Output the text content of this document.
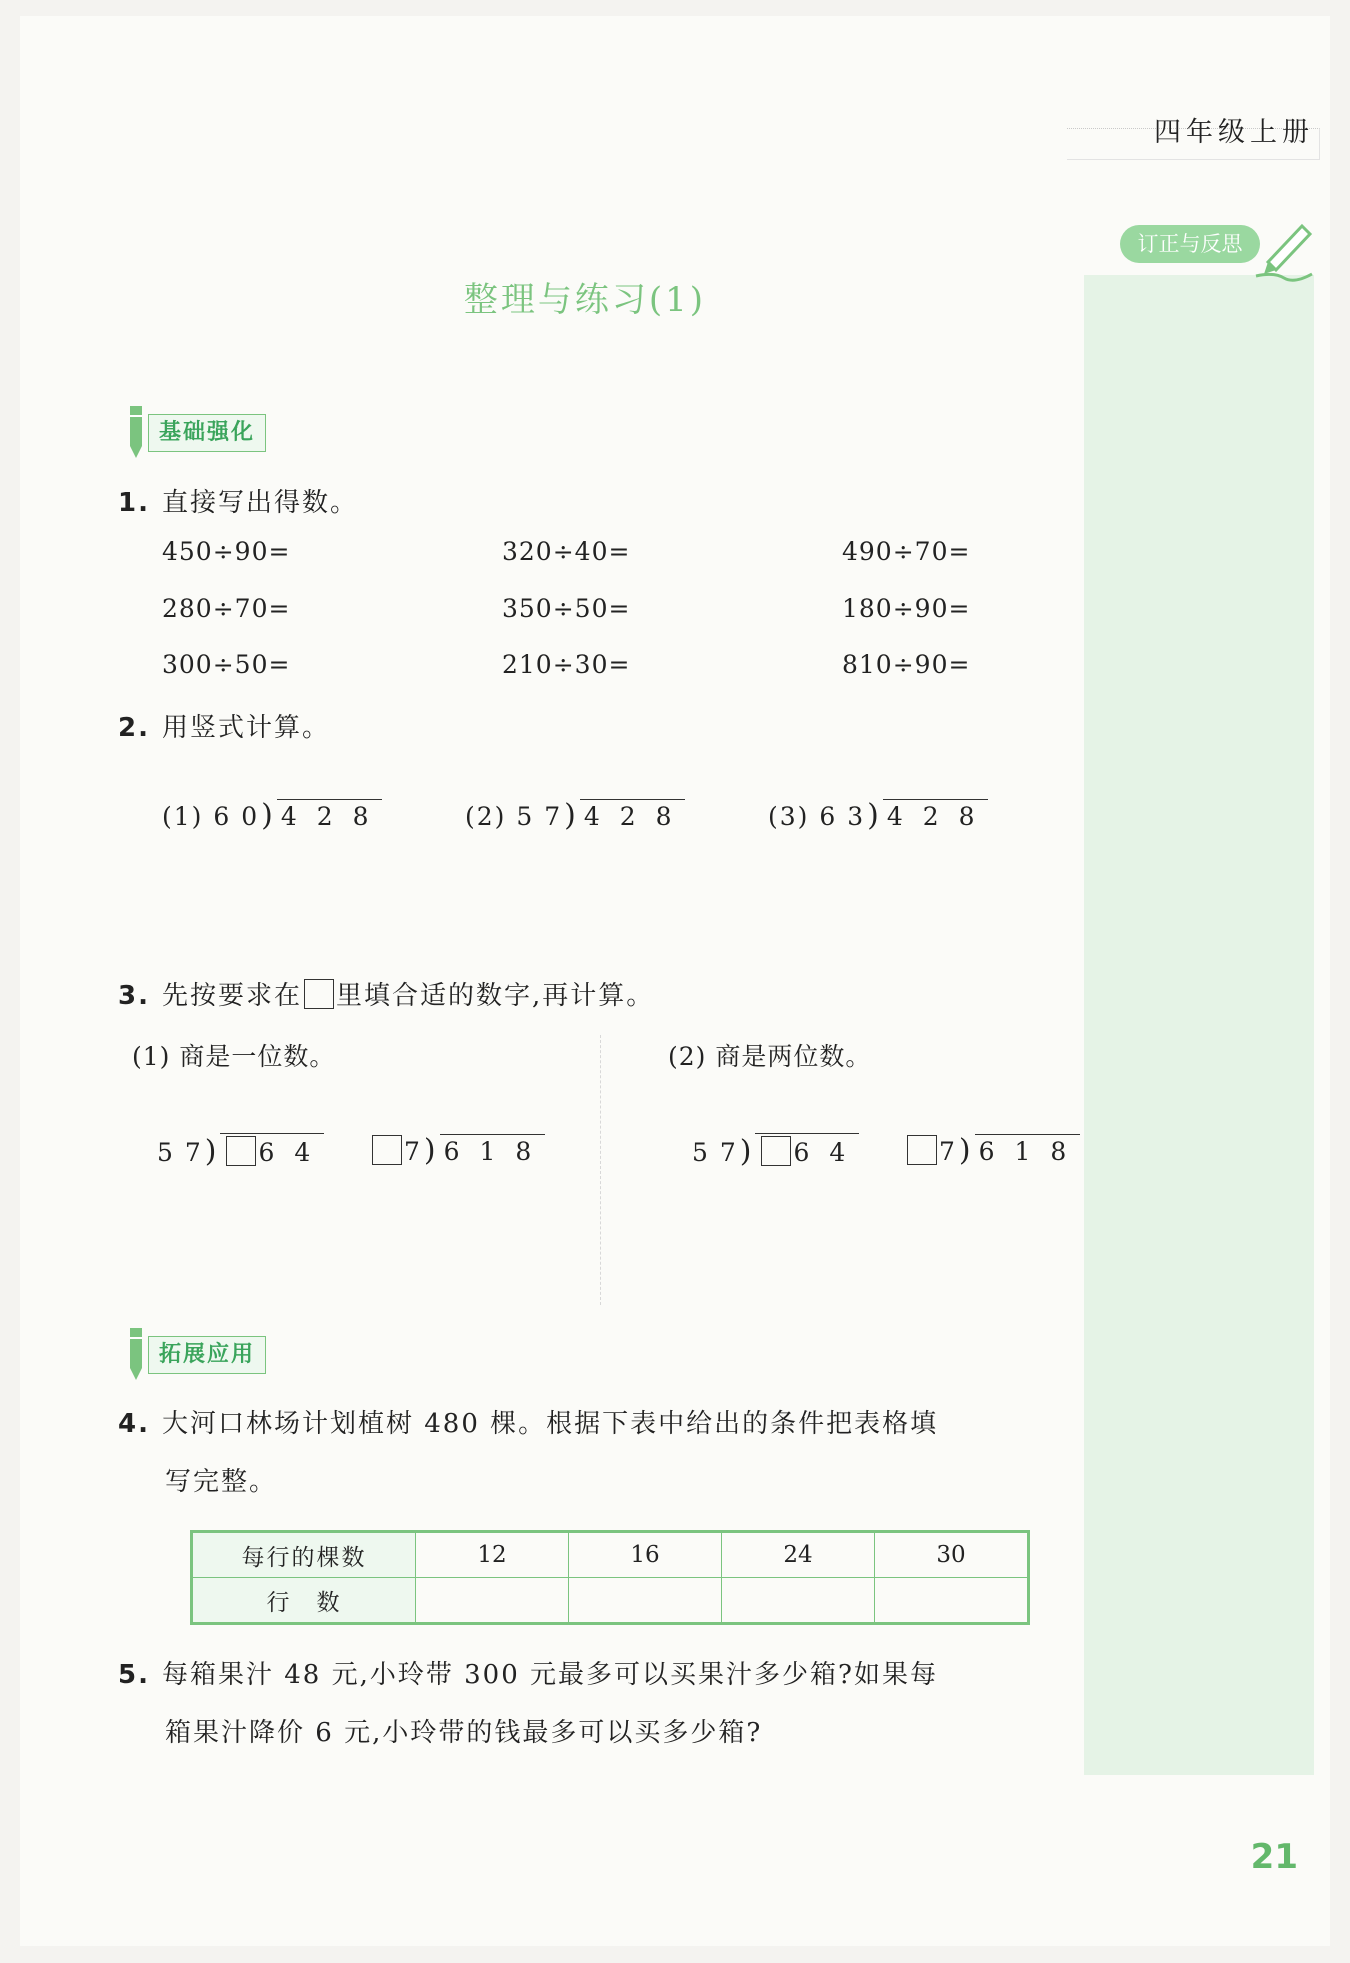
四年级上册
订正与反思
整理与练习(1)
基础强化
1. 直接写出得数。
450÷90=	320÷40=	490÷70=
280÷70=	350÷50=	180÷90=
300÷50=	210÷30=	810÷90=
2. 用竖式计算。
(1) 6 0) 4 2 8	(2) 5 7) 4 2 8	(3) 6 3) 4 2 8
3. 先按要求在 里填合适的数字,再计算。
(1) 商是一位数。	(2) 商是两位数。
5 7) 6 4	7) 6 1 8	5 7) 6 4	7) 6 1 8
拓展应用
4. 大河口林场计划植树 480 棵。根据下表中给出的条件把表格填
写完整。
每行的棵数	12	16	24	30
行　数				
5. 每箱果汁 48 元,小玲带 300 元最多可以买果汁多少箱?如果每
箱果汁降价 6 元,小玲带的钱最多可以买多少箱?
21
